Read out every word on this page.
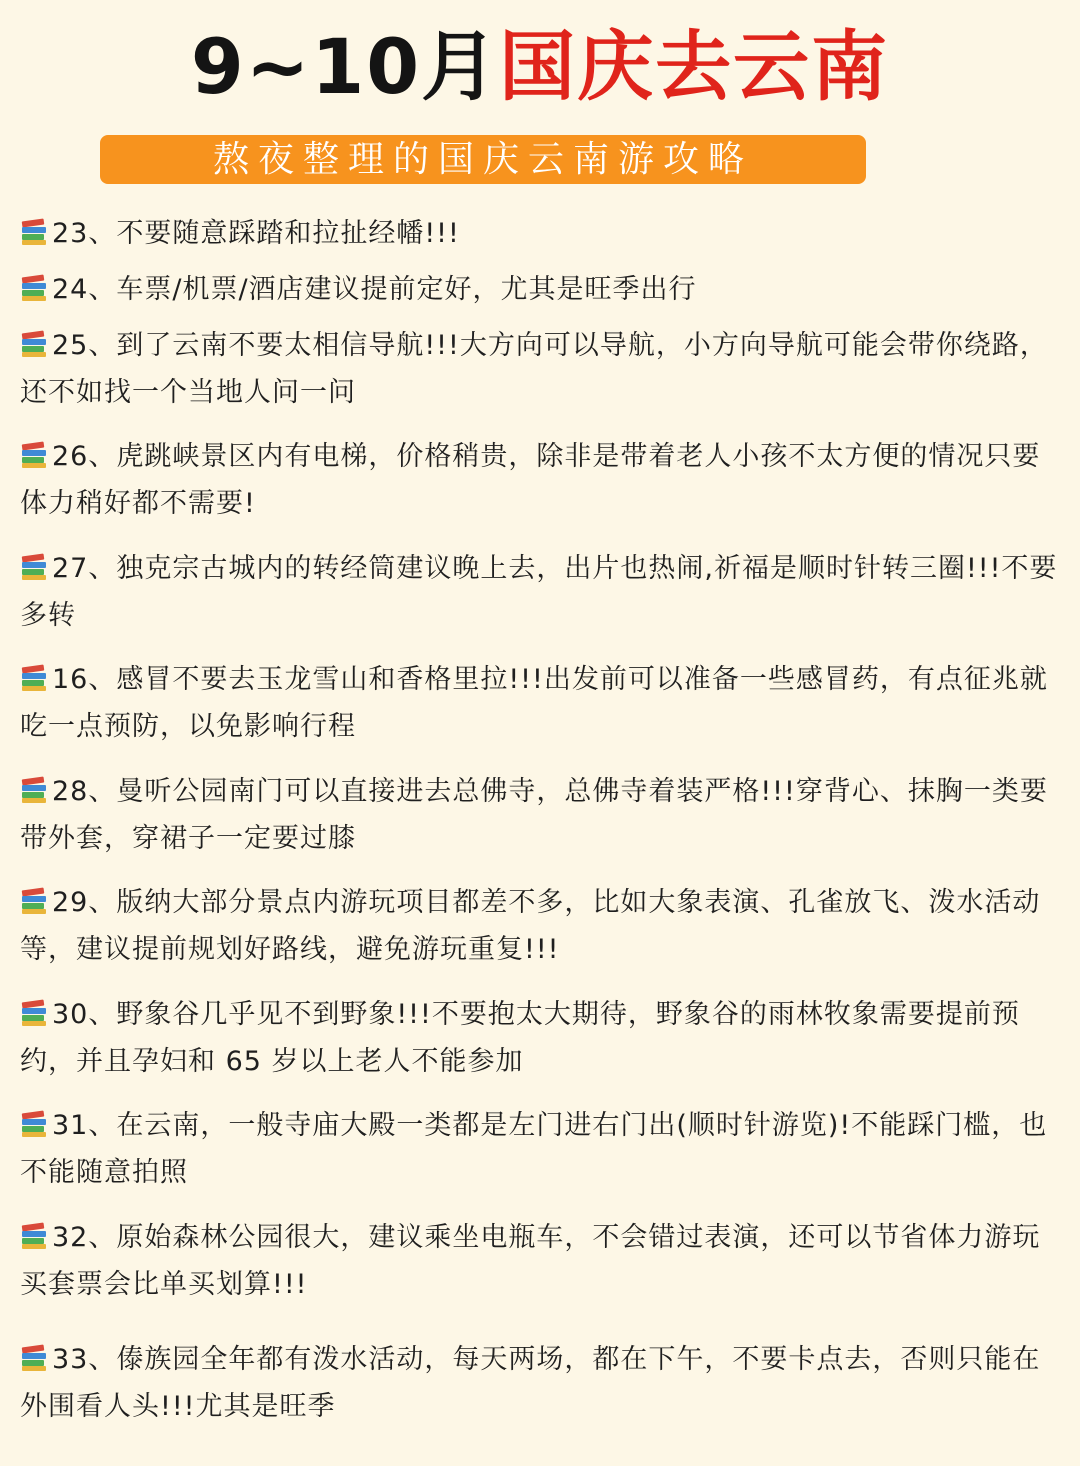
9~10月国庆去云南
熬夜整理的国庆云南游攻略
23、不要随意踩踏和拉扯经幡!!!
24、车票/机票/酒店建议提前定好，尤其是旺季出行
25、到了云南不要太相信导航!!!大方向可以导航，小方向导航可能会带你绕路，还不如找一个当地人问一问
26、虎跳峡景区内有电梯，价格稍贵，除非是带着老人小孩不太方便的情况只要体力稍好都不需要!
27、独克宗古城内的转经筒建议晚上去，出片也热闹,祈福是顺时针转三圈!!!不要多转
16、感冒不要去玉龙雪山和香格里拉!!!出发前可以准备一些感冒药，有点征兆就吃一点预防，以免影响行程
28、曼听公园南门可以直接进去总佛寺，总佛寺着装严格!!!穿背心、抹胸一类要带外套，穿裙子一定要过膝
29、版纳大部分景点内游玩项目都差不多，比如大象表演、孔雀放飞、泼水活动等，建议提前规划好路线，避免游玩重复!!!
30、野象谷几乎见不到野象!!!不要抱太大期待，野象谷的雨林牧象需要提前预约，并且孕妇和 65 岁以上老人不能参加
31、在云南，一般寺庙大殿一类都是左门进右门出(顺时针游览)!不能踩门槛，也不能随意拍照
32、原始森林公园很大，建议乘坐电瓶车，不会错过表演，还可以节省体力游玩买套票会比单买划算!!!
33、傣族园全年都有泼水活动，每天两场，都在下午，不要卡点去，否则只能在外围看人头!!!尤其是旺季
